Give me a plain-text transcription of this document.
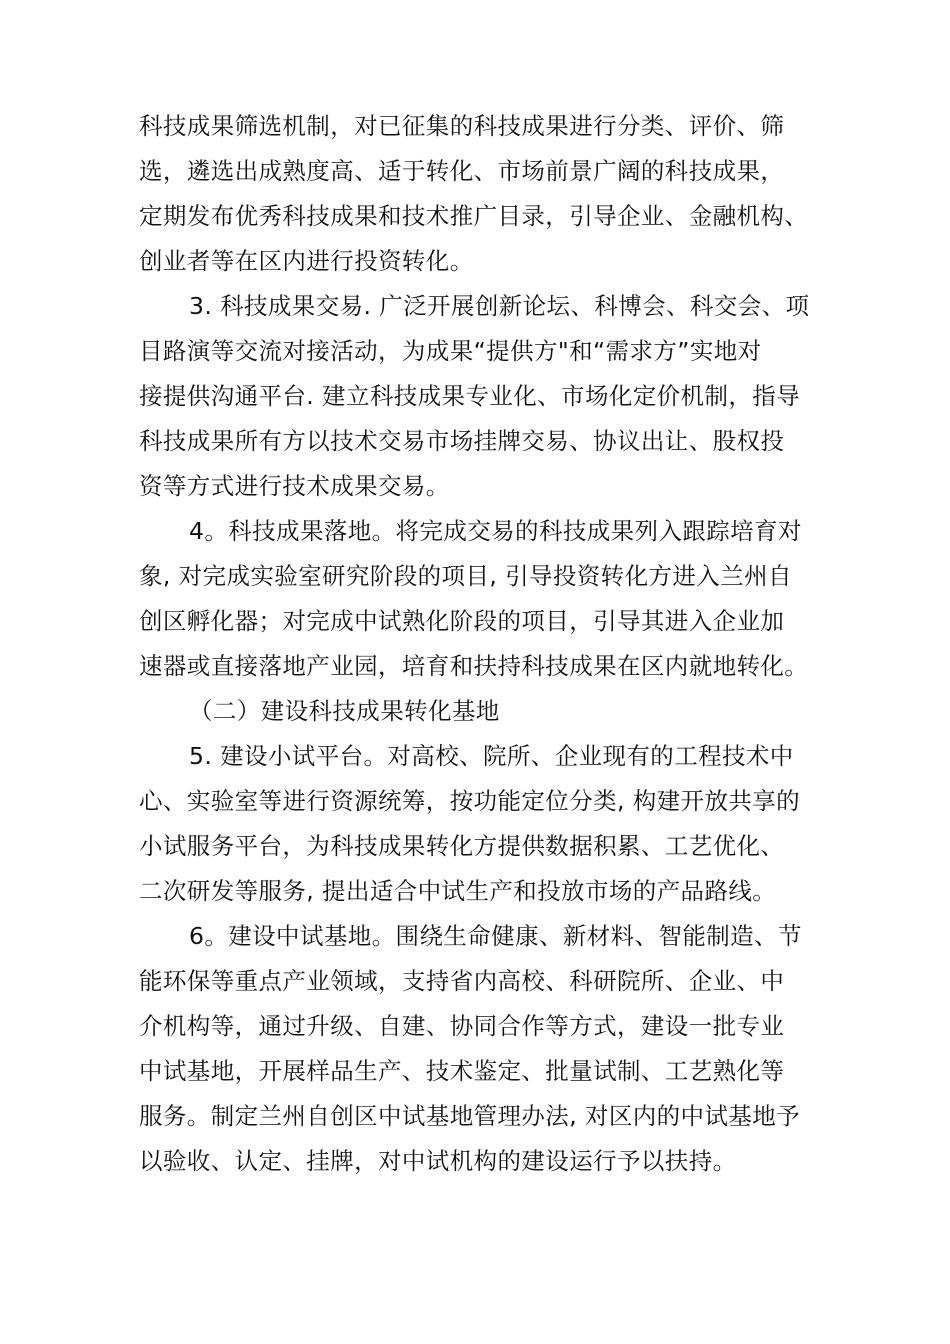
科技成果筛选机制，对已征集的科技成果进行分类、评价、筛
选，遴选出成熟度高、适于转化、市场前景广阔的科技成果，
定期发布优秀科技成果和技术推广目录，引导企业、金融机构、
创业者等在区内进行投资转化。
3. 科技成果交易. 广泛开展创新论坛、科博会、科交会、项
目路演等交流对接活动，为成果“提供方"和“需求方”实地对
接提供沟通平台. 建立科技成果专业化、市场化定价机制，指导
科技成果所有方以技术交易市场挂牌交易、协议出让、股权投
资等方式进行技术成果交易。
4。科技成果落地。将完成交易的科技成果列入跟踪培育对
象, 对完成实验室研究阶段的项目, 引导投资转化方进入兰州自
创区孵化器；对完成中试熟化阶段的项目，引导其进入企业加
速器或直接落地产业园，培育和扶持科技成果在区内就地转化。
（二）建设科技成果转化基地
5. 建设小试平台。对高校、院所、企业现有的工程技术中
心、实验室等进行资源统筹，按功能定位分类, 构建开放共享的
小试服务平台，为科技成果转化方提供数据积累、工艺优化、
二次研发等服务, 提出适合中试生产和投放市场的产品路线。
6。建设中试基地。围绕生命健康、新材料、智能制造、节
能环保等重点产业领域，支持省内高校、科研院所、企业、中
介机构等，通过升级、自建、协同合作等方式，建设一批专业
中试基地，开展样品生产、技术鉴定、批量试制、工艺熟化等
服务。制定兰州自创区中试基地管理办法, 对区内的中试基地予
以验收、认定、挂牌，对中试机构的建设运行予以扶持。
